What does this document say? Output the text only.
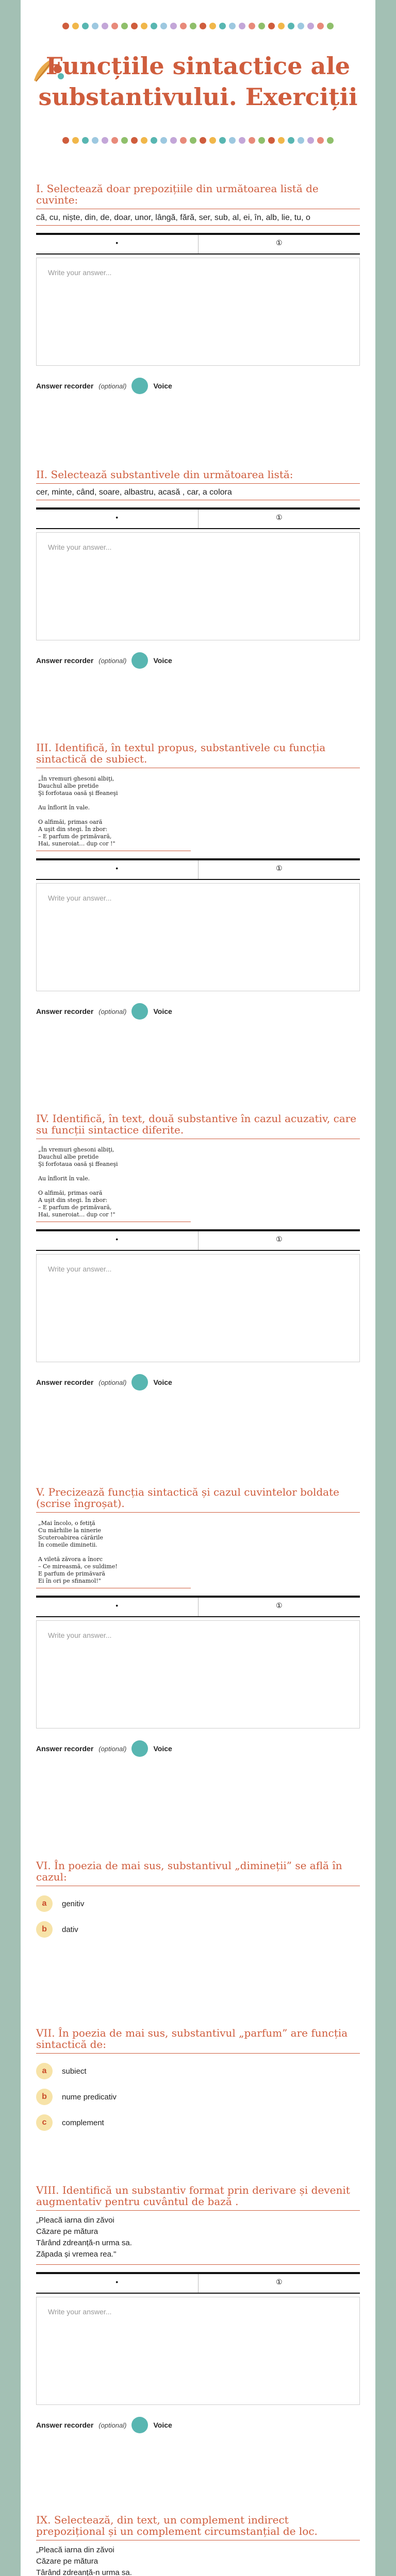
Funcțiile sintactice ale substantivului. Exerciții
I. Selectează doar prepozițiile din următoarea listă de cuvinte:
cã, cu, niște, din, de, doar, unor, lângă, fără, ser, sub, al, ei, în, alb, lie, tu, o
•	①
Write your answer...
Answer recorder (optional)	Voice
II. Selectează substantivele din următoarea listă:
cer, minte, când, soare, albastru, acasă , car, a colora
•	①
Write your answer...
Answer recorder (optional)	Voice
III. Identifică, în textul propus, substantivele cu funcția sintactică de subiect.
„În vremuri ghesoni albiţi,
Dauchul albe pretide
Şi forfotaua oasă şi ffeaneşi

Au înflorit în vale.

O alfimăi, primas oară
A uşit din stegi. În zbor:
– E parfum de primăvară,
Hai, suneroiat… dup cor !"
•	①
Write your answer...
Answer recorder (optional)	Voice
IV. Identifică, în text, două substantive în cazul acuzativ, care su funcții sintactice diferite.
„În vremuri ghesoni albiţi,
Dauchul albe pretide
Şi forfotaua oasă şi ffeaneşi

Au înflorit în vale.

O alfimăi, primas oară
A uşit din stegi. În zbor:
– E parfum de primăvară,
Hai, suneroiat… dup cor !"
•	①
Write your answer...
Answer recorder (optional)	Voice
V. Precizează funcția sintactică și cazul cuvintelor boldate (scrise îngroșat).
„Mai încolo, o fetiţă
Cu mărhilie la ninerie
Scuteroabirea cărările
În comeile diminetii.

A viletă zăvora a înorc
– Ce mireasmă, ce suldime!
E parfum de primăvară
Ei în ori pe sfinamol!"
•	①
Write your answer...
Answer recorder (optional)	Voice
VI. În poezia de mai sus, substantivul „dimineții” se află în cazul:
a	genitiv
b	dativ
VII. În poezia de mai sus, substantivul „parfum” are funcția sintactică de:
a	subiect
b	nume predicativ
c	complement
VIII. Identifică un substantiv format prin derivare și devenit augmentativ pentru cuvântul de bază .
„Pleacă iarna din zăvoi
Căzare pe mătura
Târând zdreanță-n urma sa.
Zăpada și vremea rea."
•	①
Write your answer...
Answer recorder (optional)	Voice
IX. Selectează, din text, un complement indirect prepozițional și un complement circumstanțial de loc.
„Pleacă iarna din zăvoi
Căzare pe mătura
Târând zdreanță-n urma sa.
